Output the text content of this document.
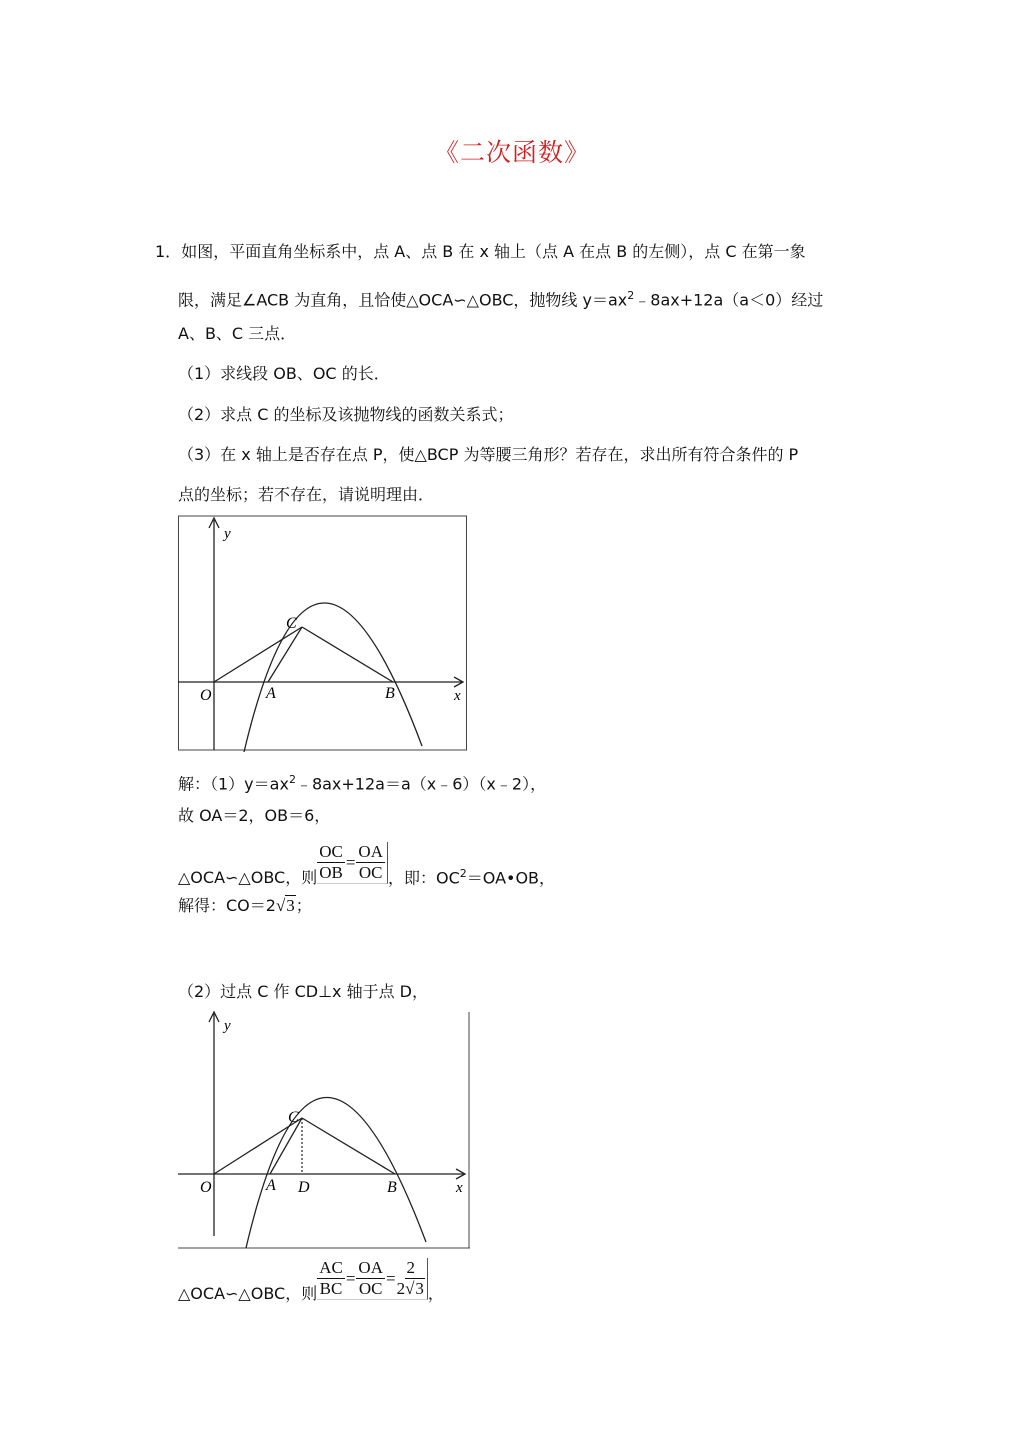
《二次函数》
1．如图，平面直角坐标系中，点 A、点 B 在 x 轴上（点 A 在点 B 的左侧），点 C 在第一象
限，满足∠ACB 为直角，且恰使△OCA∽△OBC，抛物线 $y=ax^2﹣8ax+12a(a<0)$经过
A、B、C 三点．
（1）求线段 OB、OC 的长．
（2）求点 C 的坐标及该抛物线的函数关系式；
（3）在 x 轴上是否存在点 P，使△BCP 为等腰三角形？若存在，求出所有符合条件的 P
点的坐标；若不存在，请说明理由．
y
x
O	A	B
C
解：$(1)y=ax^2﹣8ax+12a=a(x﹣6)(x﹣2)$，
故 OA＝2，OB＝6，
△OCA∽△OBC，则 $\frac{OC}{OB} = \frac{OA}{OC}$ ，即：$OC^2=OA•OB$，
解得：CO＝2√3；
（2）过点 C 作 CD⊥x 轴于点 D，
y
x
O	A D	B
C
△OCA∽△OBC，则 $\frac{AC}{BC} = \frac{OA}{OC} = \frac{2}{2√3}$ ，
